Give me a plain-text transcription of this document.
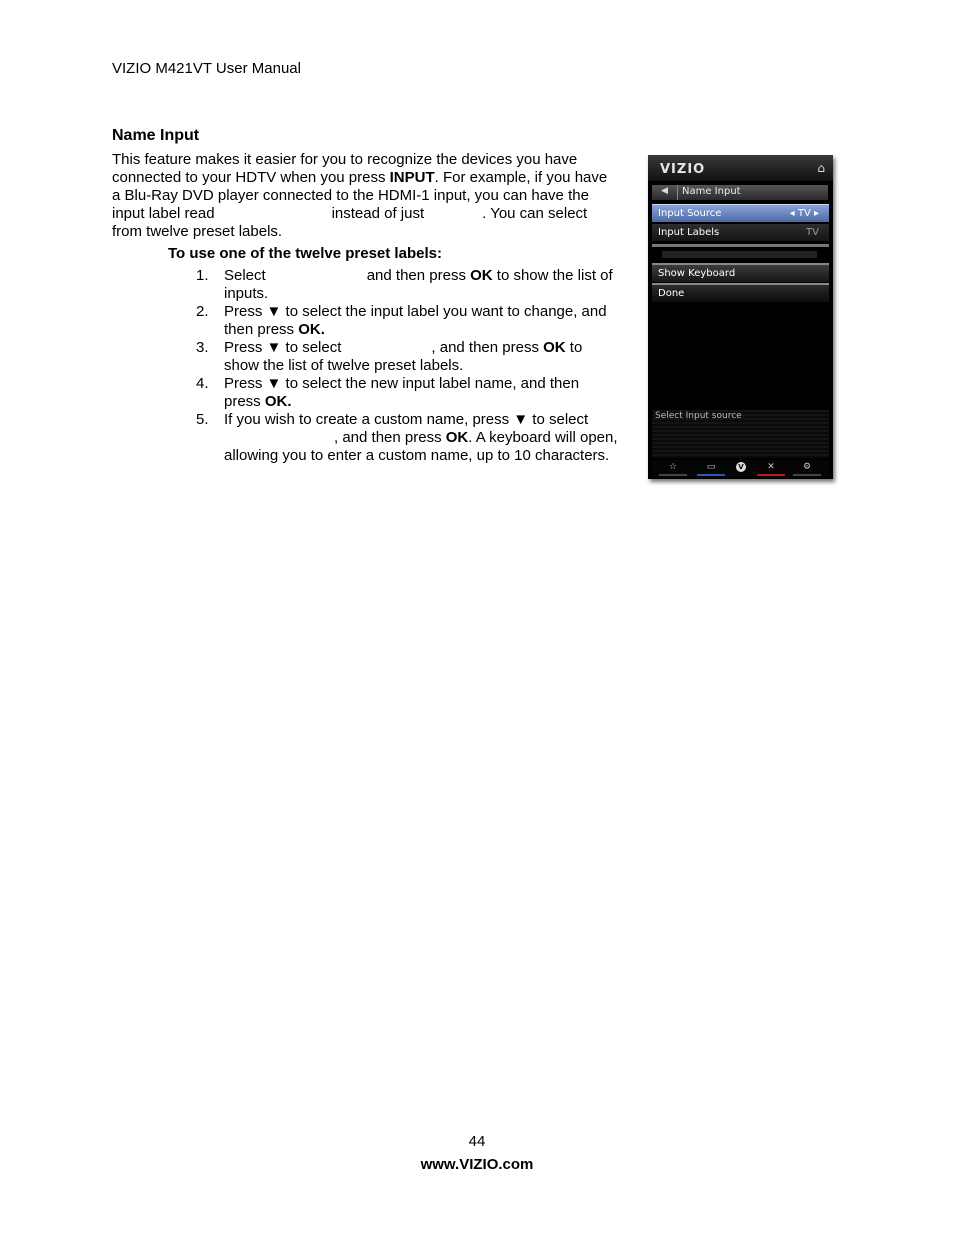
VIZIO M421VT User Manual
Name Input
This feature makes it easier for you to recognize the devices you have
connected to your HDTV when you press INPUT. For example, if you have
a Blu-Ray DVD player connected to the HDMI-1 input, you can have the
input label read	instead of just	. You can select
from twelve preset labels.
To use one of the twelve preset labels:
1.	Select	and then press OK to show the list of
inputs.
2.	Press ▼ to select the input label you want to change, and
then press OK.
3.	Press ▼ to select	, and then press OK to
show the list of twelve preset labels.
4.	Press ▼ to select the new input label name, and then
press OK.
5.	If you wish to create a custom name, press ▼ to select
, and then press OK. A keyboard will open,
allowing you to enter a custom name, up to 10 characters.
VIZIO	⌂
◀ Name Input
Input Source	◂ TV ▸
Input Labels	TV
Show Keyboard
Done
Select Input source
☆	▭	V	✕	⚙
44
www.VIZIO.com
